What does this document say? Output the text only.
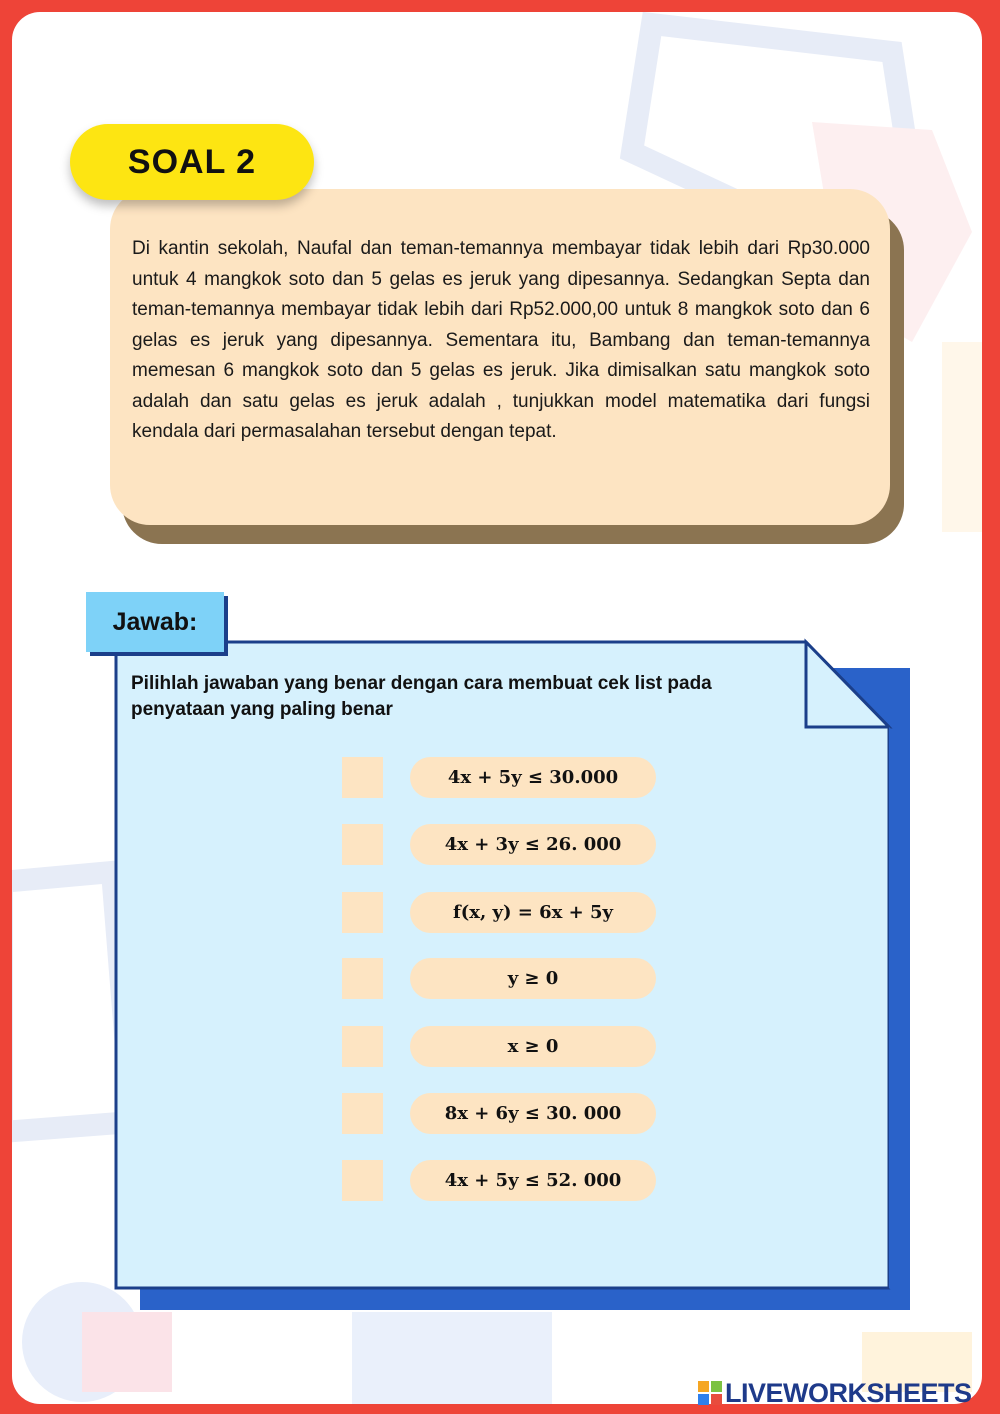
SOAL 2
Di kantin sekolah, Naufal dan teman-temannya membayar tidak lebih dari Rp30.000 untuk 4 mangkok soto dan 5 gelas es jeruk yang dipesannya. Sedangkan Septa dan teman-temannya membayar tidak lebih dari Rp52.000,00 untuk 8 mangkok soto dan 6 gelas es jeruk yang dipesannya. Sementara itu, Bambang dan teman-temannya memesan 6 mangkok soto dan 5 gelas es jeruk. Jika dimisalkan satu mangkok soto adalah dan satu gelas es jeruk adalah , tunjukkan model matematika dari fungsi kendala dari permasalahan tersebut dengan tepat.
Jawab:
Pilihlah jawaban yang benar dengan cara membuat cek list pada penyataan yang paling benar
4x + 5y ≤ 30.000
4x + 3y ≤ 26. 000
f(x, y) = 6x + 5y
y ≥ 0
x ≥ 0
8x + 6y ≤ 30. 000
4x + 5y ≤ 52. 000
LIVEWORKSHEETS
